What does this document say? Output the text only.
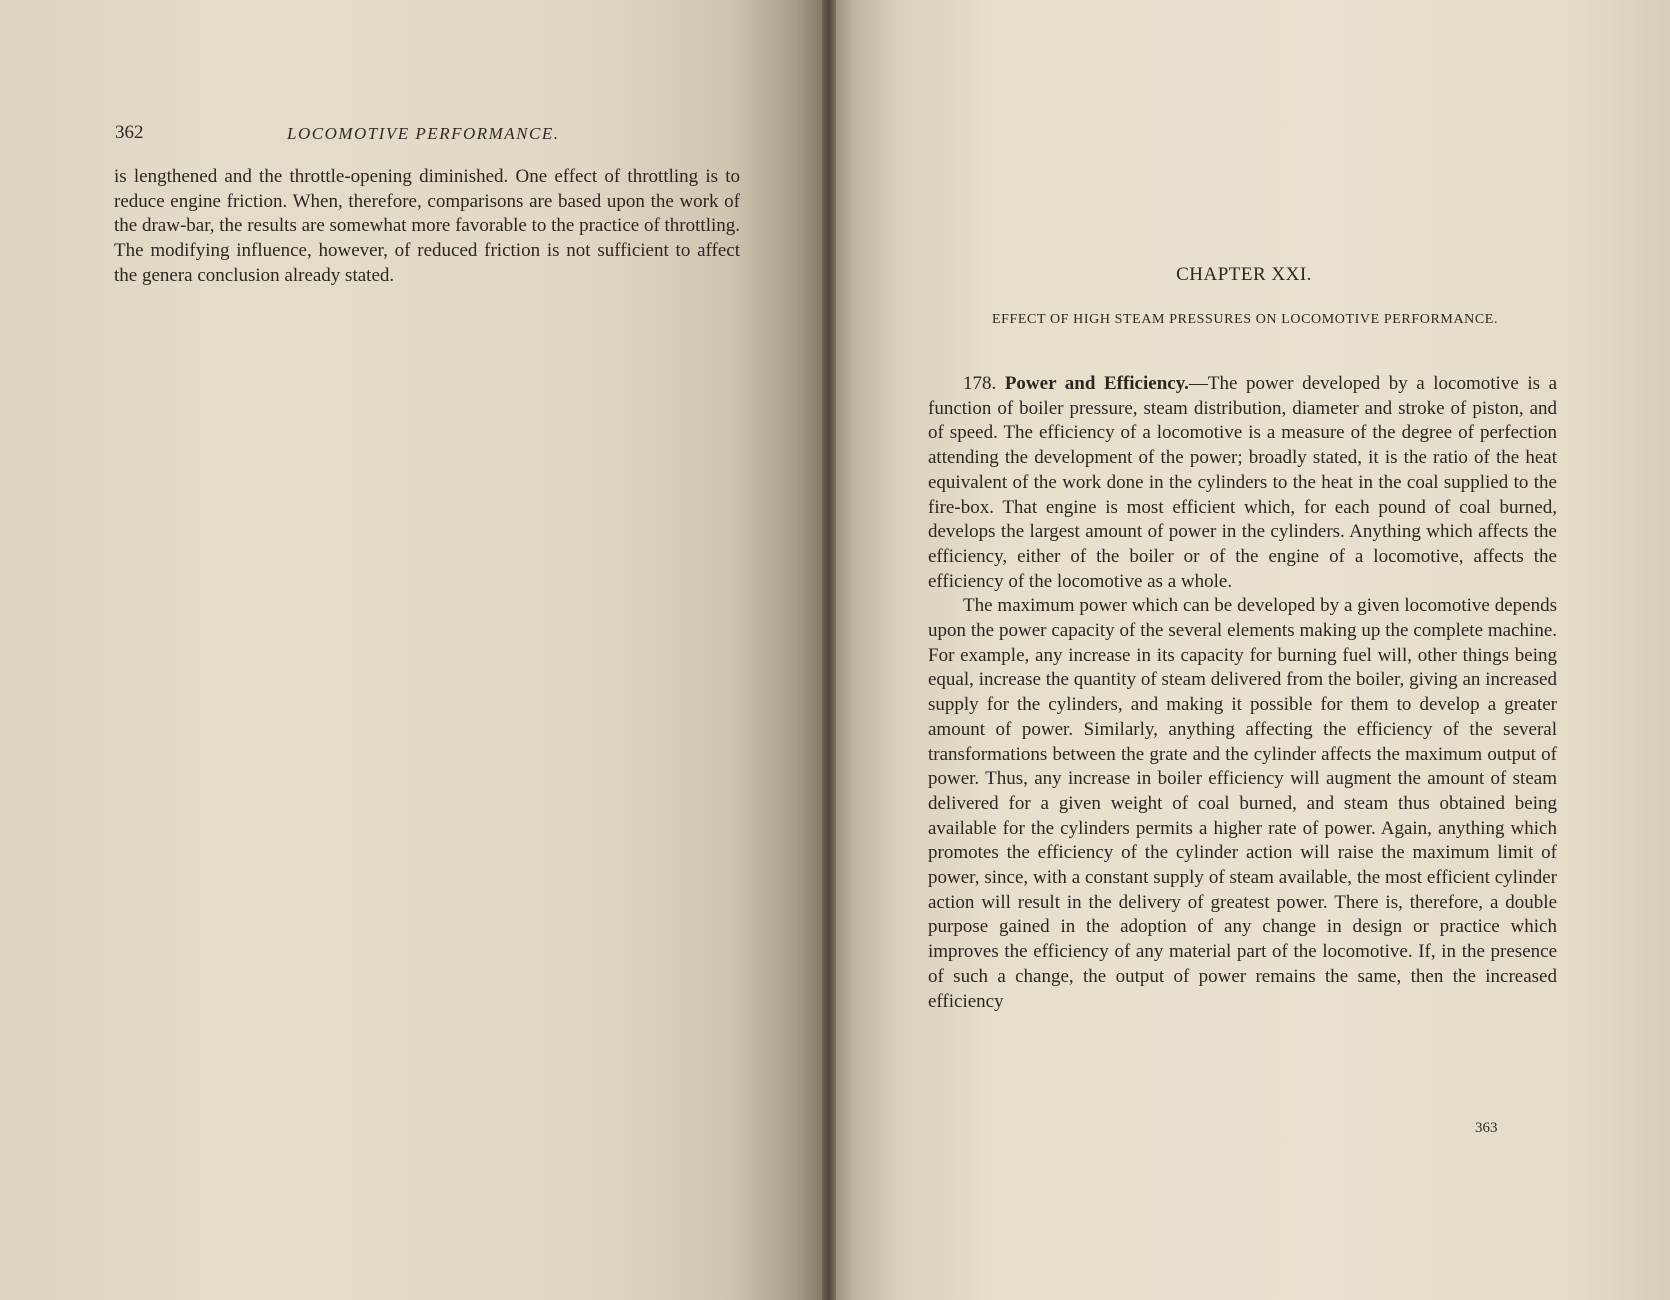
362	LOCOMOTIVE PERFORMANCE.

is lengthened and the throttle-opening diminished. One effect of throttling is to reduce engine friction. When, therefore, comparisons are based upon the work of the draw-bar, the results are somewhat more favorable to the practice of throttling. The modifying influence, however, of reduced friction is not sufficient to affect the genera conclusion already stated.	CHAPTER XXI.
EFFECT OF HIGH STEAM PRESSURES ON LOCOMOTIVE PERFORMANCE.

178. Power and Efficiency.—The power developed by a locomotive is a function of boiler pressure, steam distribution, diameter and stroke of piston, and of speed. The efficiency of a locomotive is a measure of the degree of perfection attending the development of the power; broadly stated, it is the ratio of the heat equivalent of the work done in the cylinders to the heat in the coal supplied to the fire-box. That engine is most efficient which, for each pound of coal burned, develops the largest amount of power in the cylinders. Anything which affects the efficiency, either of the boiler or of the engine of a locomotive, affects the efficiency of the locomotive as a whole.

The maximum power which can be developed by a given locomotive depends upon the power capacity of the several elements making up the complete machine. For example, any increase in its capacity for burning fuel will, other things being equal, increase the quantity of steam delivered from the boiler, giving an increased supply for the cylinders, and making it possible for them to develop a greater amount of power. Similarly, anything affecting the efficiency of the several transformations between the grate and the cylinder affects the maximum output of power. Thus, any increase in boiler efficiency will augment the amount of steam delivered for a given weight of coal burned, and steam thus obtained being available for the cylinders permits a higher rate of power. Again, anything which promotes the efficiency of the cylinder action will raise the maximum limit of power, since, with a constant supply of steam available, the most efficient cylinder action will result in the delivery of greatest power. There is, therefore, a double purpose gained in the adoption of any change in design or practice which improves the efficiency of any material part of the locomotive. If, in the presence of such a change, the output of power remains the same, then the increased efficiency

363
